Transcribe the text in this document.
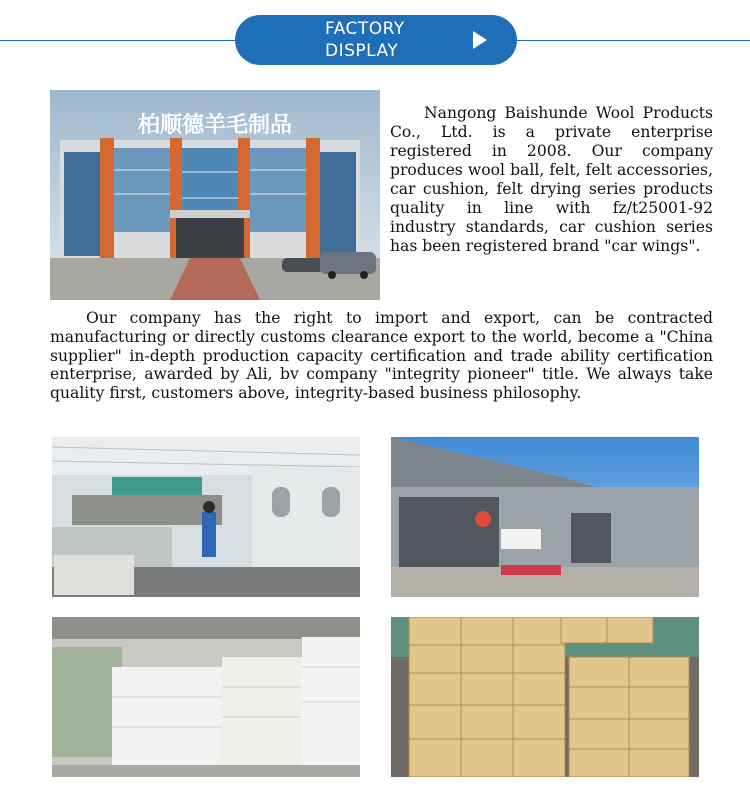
FACTORY
DISPLAY
柏顺德羊毛制品	Nangong Baishunde Wool Products Co., Ltd. is a private enterprise registered in 2008. Our company produces wool ball, felt, felt accessories, car cushion, felt drying series products quality in line with fz/t25001-92 industry standards, car cushion series has been registered brand "car wings".

Our company has the right to import and export, can be contracted manufacturing or directly customs clearance export to the world, become a "China supplier" in-depth production capacity certification and trade ability certification enterprise, awarded by Ali, bv company "integrity pioneer" title. We always take quality first, customers above, integrity-based business philosophy.
